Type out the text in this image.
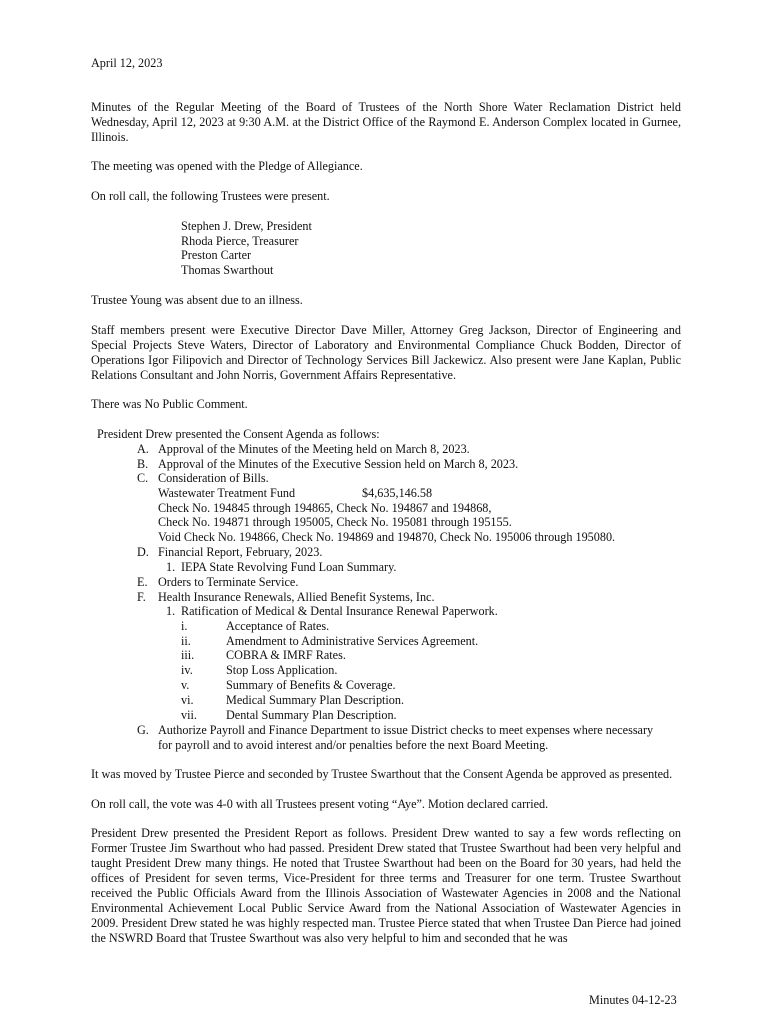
April 12, 2023

Minutes of the Regular Meeting of the Board of Trustees of the North Shore Water Reclamation District held Wednesday, April 12, 2023 at 9:30 A.M. at the District Office of the Raymond E. Anderson Complex located in Gurnee, Illinois.

The meeting was opened with the Pledge of Allegiance.

On roll call, the following Trustees were present.

Stephen J. Drew, President

Rhoda Pierce, Treasurer

Preston Carter

Thomas Swarthout

Trustee Young was absent due to an illness.

Staff members present were Executive Director Dave Miller, Attorney Greg Jackson, Director of Engineering and Special Projects Steve Waters, Director of Laboratory and Environmental Compliance Chuck Bodden, Director of Operations Igor Filipovich and Director of Technology Services Bill Jackewicz. Also present were Jane Kaplan, Public Relations Consultant and John Norris, Government Affairs Representative.

There was No Public Comment.

President Drew presented the Consent Agenda as follows:

A. Approval of the Minutes of the Meeting held on March 8, 2023.
B. Approval of the Minutes of the Executive Session held on March 8, 2023.
C. Consideration of Bills.
Wastewater Treatment Fund	$4,635,146.58
Check No. 194845 through 194865, Check No. 194867 and 194868,
Check No. 194871 through 195005, Check No. 195081 through 195155.
Void Check No. 194866, Check No. 194869 and 194870, Check No. 195006 through 195080.
D. Financial Report, February, 2023.
1. IEPA State Revolving Fund Loan Summary.
E. Orders to Terminate Service.
F. Health Insurance Renewals, Allied Benefit Systems, Inc.
1. Ratification of Medical & Dental Insurance Renewal Paperwork.
i.	Acceptance of Rates.
ii.	Amendment to Administrative Services Agreement.
iii.	COBRA & IMRF Rates.
iv.	Stop Loss Application.
v.	Summary of Benefits & Coverage.
vi.	Medical Summary Plan Description.
vii. Dental Summary Plan Description.
G. Authorize Payroll and Finance Department to issue District checks to meet expenses where necessary
for payroll and to avoid interest and/or penalties before the next Board Meeting.

It was moved by Trustee Pierce and seconded by Trustee Swarthout that the Consent Agenda be approved as presented.

On roll call, the vote was 4-0 with all Trustees present voting “Aye”. Motion declared carried.

President Drew presented the President Report as follows. President Drew wanted to say a few words reflecting on Former Trustee Jim Swarthout who had passed. President Drew stated that Trustee Swarthout had been very helpful and taught President Drew many things. He noted that Trustee Swarthout had been on the Board for 30 years, had held the offices of President for seven terms, Vice-President for three terms and Treasurer for one term. Trustee Swarthout received the Public Officials Award from the Illinois Association of Wastewater Agencies in 2008 and the National Environmental Achievement Local Public Service Award from the National Association of Wastewater Agencies in 2009. President Drew stated he was highly respected man. Trustee Pierce stated that when Trustee Dan Pierce had joined the NSWRD Board that Trustee Swarthout was also very helpful to him and seconded that he was

Minutes 04-12-23
